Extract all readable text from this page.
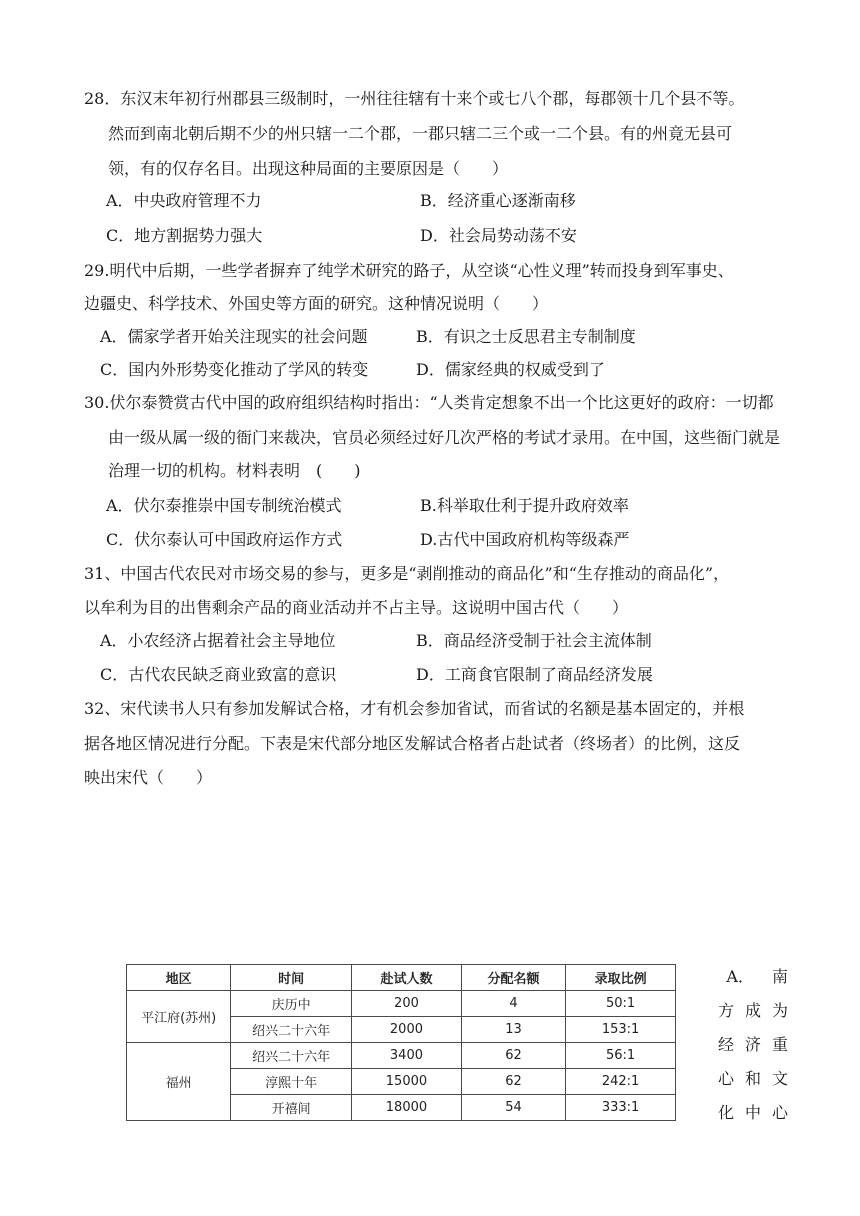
28．东汉末年初行州郡县三级制时，一州往往辖有十来个或七八个郡，每郡领十几个县不等。
然而到南北朝后期不少的州只辖一二个郡，一郡只辖二三个或一二个县。有的州竟无县可
领，有的仅存名目。出现这种局面的主要原因是（　　）
A．中央政府管理不力	B．经济重心逐渐南移
C．地方割据势力强大	D．社会局势动荡不安
29.明代中后期，一些学者摒弃了纯学术研究的路子，从空谈“心性义理”转而投身到军事史、
边疆史、科学技术、外国史等方面的研究。这种情况说明（　　）
A．儒家学者开始关注现实的社会问题	B．有识之士反思君主专制制度
C．国内外形势变化推动了学风的转变	D．儒家经典的权威受到了
30.伏尔泰赞赏古代中国的政府组织结构时指出：“人类肯定想象不出一个比这更好的政府：一切都
由一级从属一级的衙门来裁决，官员必须经过好几次严格的考试才录用。在中国，这些衙门就是
治理一切的机构。材料表明　(　　)
A．伏尔泰推崇中国专制统治模式	B.科举取仕利于提升政府效率
C．伏尔泰认可中国政府运作方式	D.古代中国政府机构等级森严
31、中国古代农民对市场交易的参与，更多是“剥削推动的商品化”和“生存推动的商品化”，
以牟利为目的出售剩余产品的商业活动并不占主导。这说明中国古代（　　）
A．小农经济占据着社会主导地位	B．商品经济受制于社会主流体制
C．古代农民缺乏商业致富的意识	D．工商食官限制了商品经济发展
32、宋代读书人只有参加发解试合格，才有机会参加省试，而省试的名额是基本固定的，并根
据各地区情况进行分配。下表是宋代部分地区发解试合格者占赴试者（终场者）的比例，这反
映出宋代（　　）
地区	时间	赴试人数	分配名额	录取比例
平江府(苏州)	庆历中	200	4	50:1
	绍兴二十六年	2000	13	153:1
福州	绍兴二十六年	3400	62	56:1
	淳熙十年	15000	62	242:1
	开禧间	18000	54	333:1
A． 南
方 成 为
经 济 重
心 和 文
化 中 心
